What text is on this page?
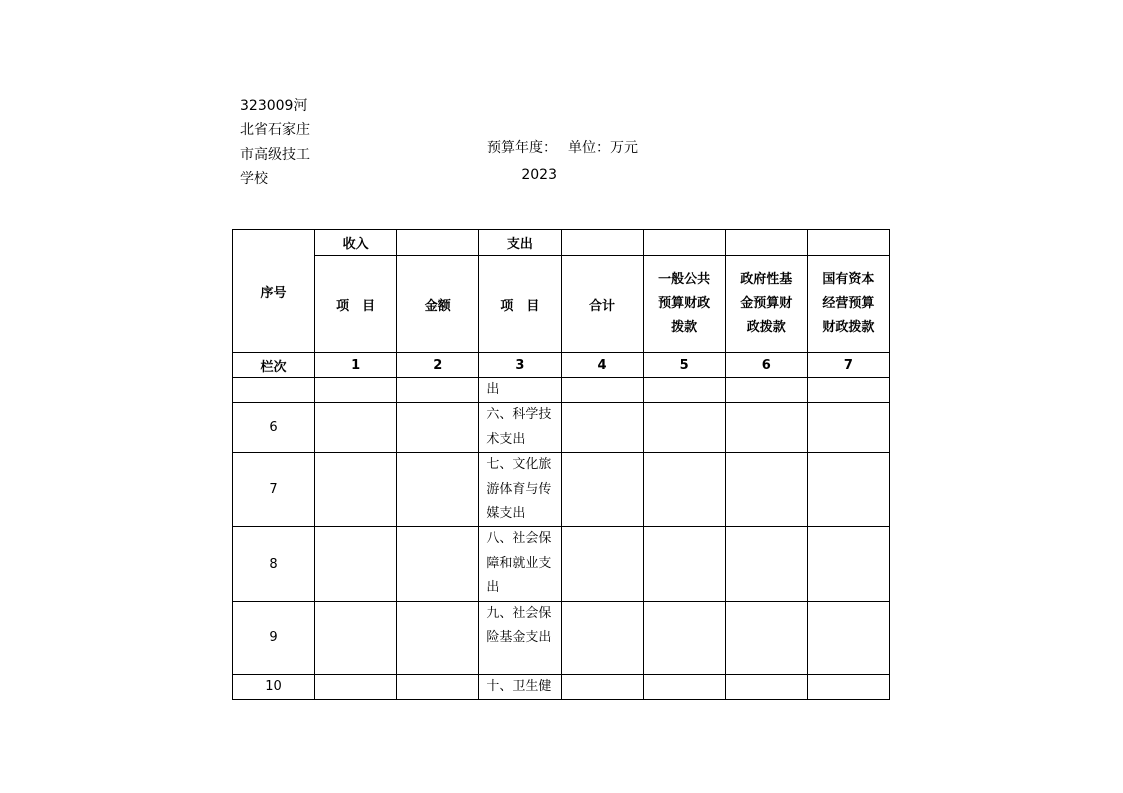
323009河北省石家庄市高级技工学校
预算年度：2023
单位：万元
序号	收入		支出				
	项　目	金额	项　目	合计	一般公共预算财政拨款	政府性基金预算财政拨款	国有资本经营预算财政拨款
栏次	1	2	3	4	5	6	7
			出				
6			六、科学技术支出				
7			七、文化旅游体育与传媒支出				
8			八、社会保障和就业支出				
9			九、社会保险基金支出				
10			十、卫生健				
